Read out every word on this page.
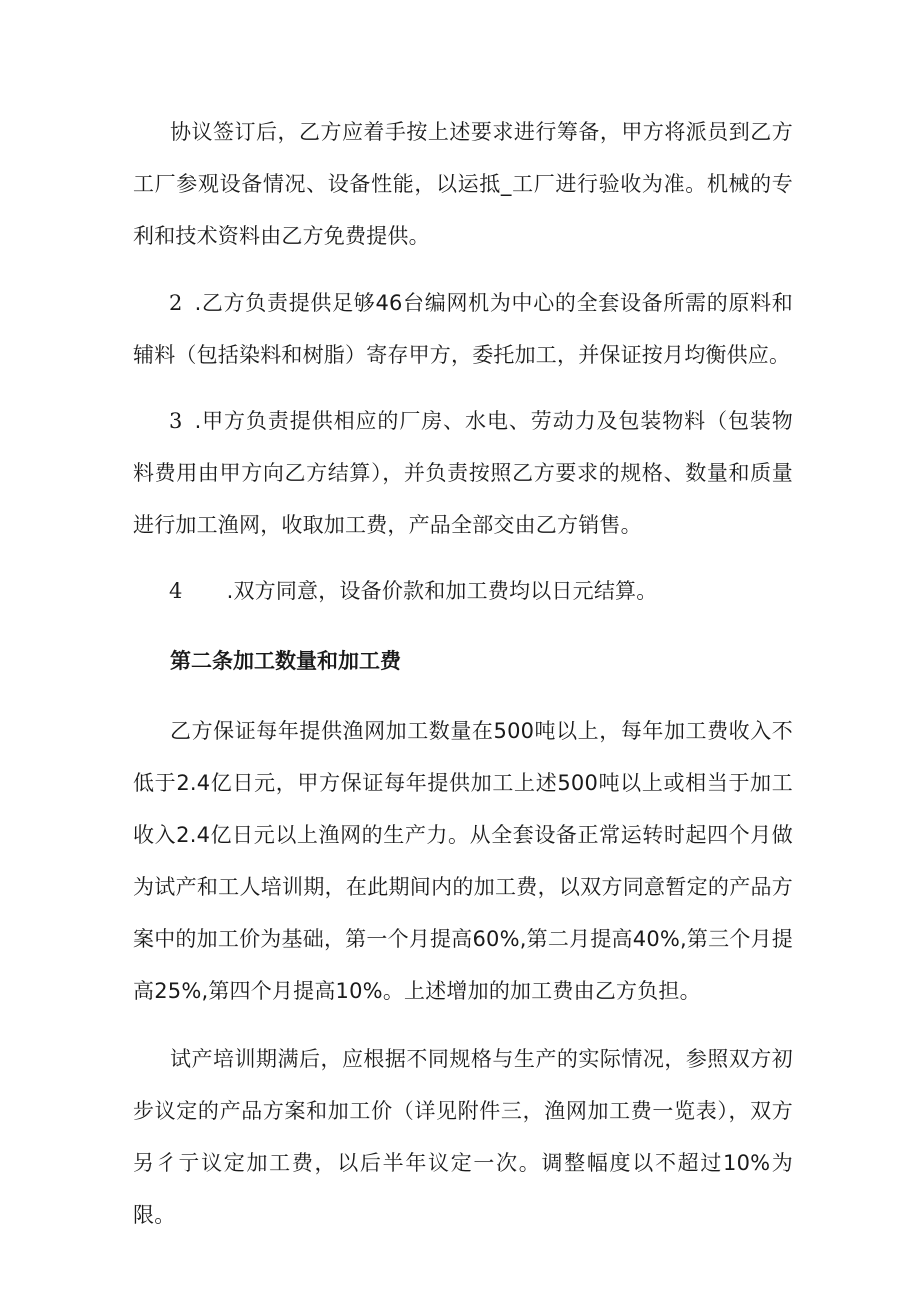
协议签订后，乙方应着手按上述要求进行筹备，甲方将派员到乙方工厂参观设备情况、设备性能，以运抵_工厂进行验收为准。机械的专利和技术资料由乙方免费提供。

2 .乙方负责提供足够46台编网机为中心的全套设备所需的原料和辅料（包括染料和树脂）寄存甲方，委托加工，并保证按月均衡供应。

3 .甲方负责提供相应的厂房、水电、劳动力及包装物料（包装物料费用由甲方向乙方结算），并负责按照乙方要求的规格、数量和质量进行加工渔网，收取加工费，产品全部交由乙方销售。

4 .双方同意，设备价款和加工费均以日元结算。

第二条加工数量和加工费

乙方保证每年提供渔网加工数量在500吨以上，每年加工费收入不低于2.4亿日元，甲方保证每年提供加工上述500吨以上或相当于加工收入2.4亿日元以上渔网的生产力。从全套设备正常运转时起四个月做为试产和工人培训期，在此期间内的加工费，以双方同意暂定的产品方案中的加工价为基础，第一个月提高60%,第二月提高40%,第三个月提高25%,第四个月提高10%。上述增加的加工费由乙方负担。

试产培训期满后，应根据不同规格与生产的实际情况，参照双方初步议定的产品方案和加工价（详见附件三，渔网加工费一览表），双方另彳亍议定加工费，以后半年议定一次。调整幅度以不超过10%为限。
